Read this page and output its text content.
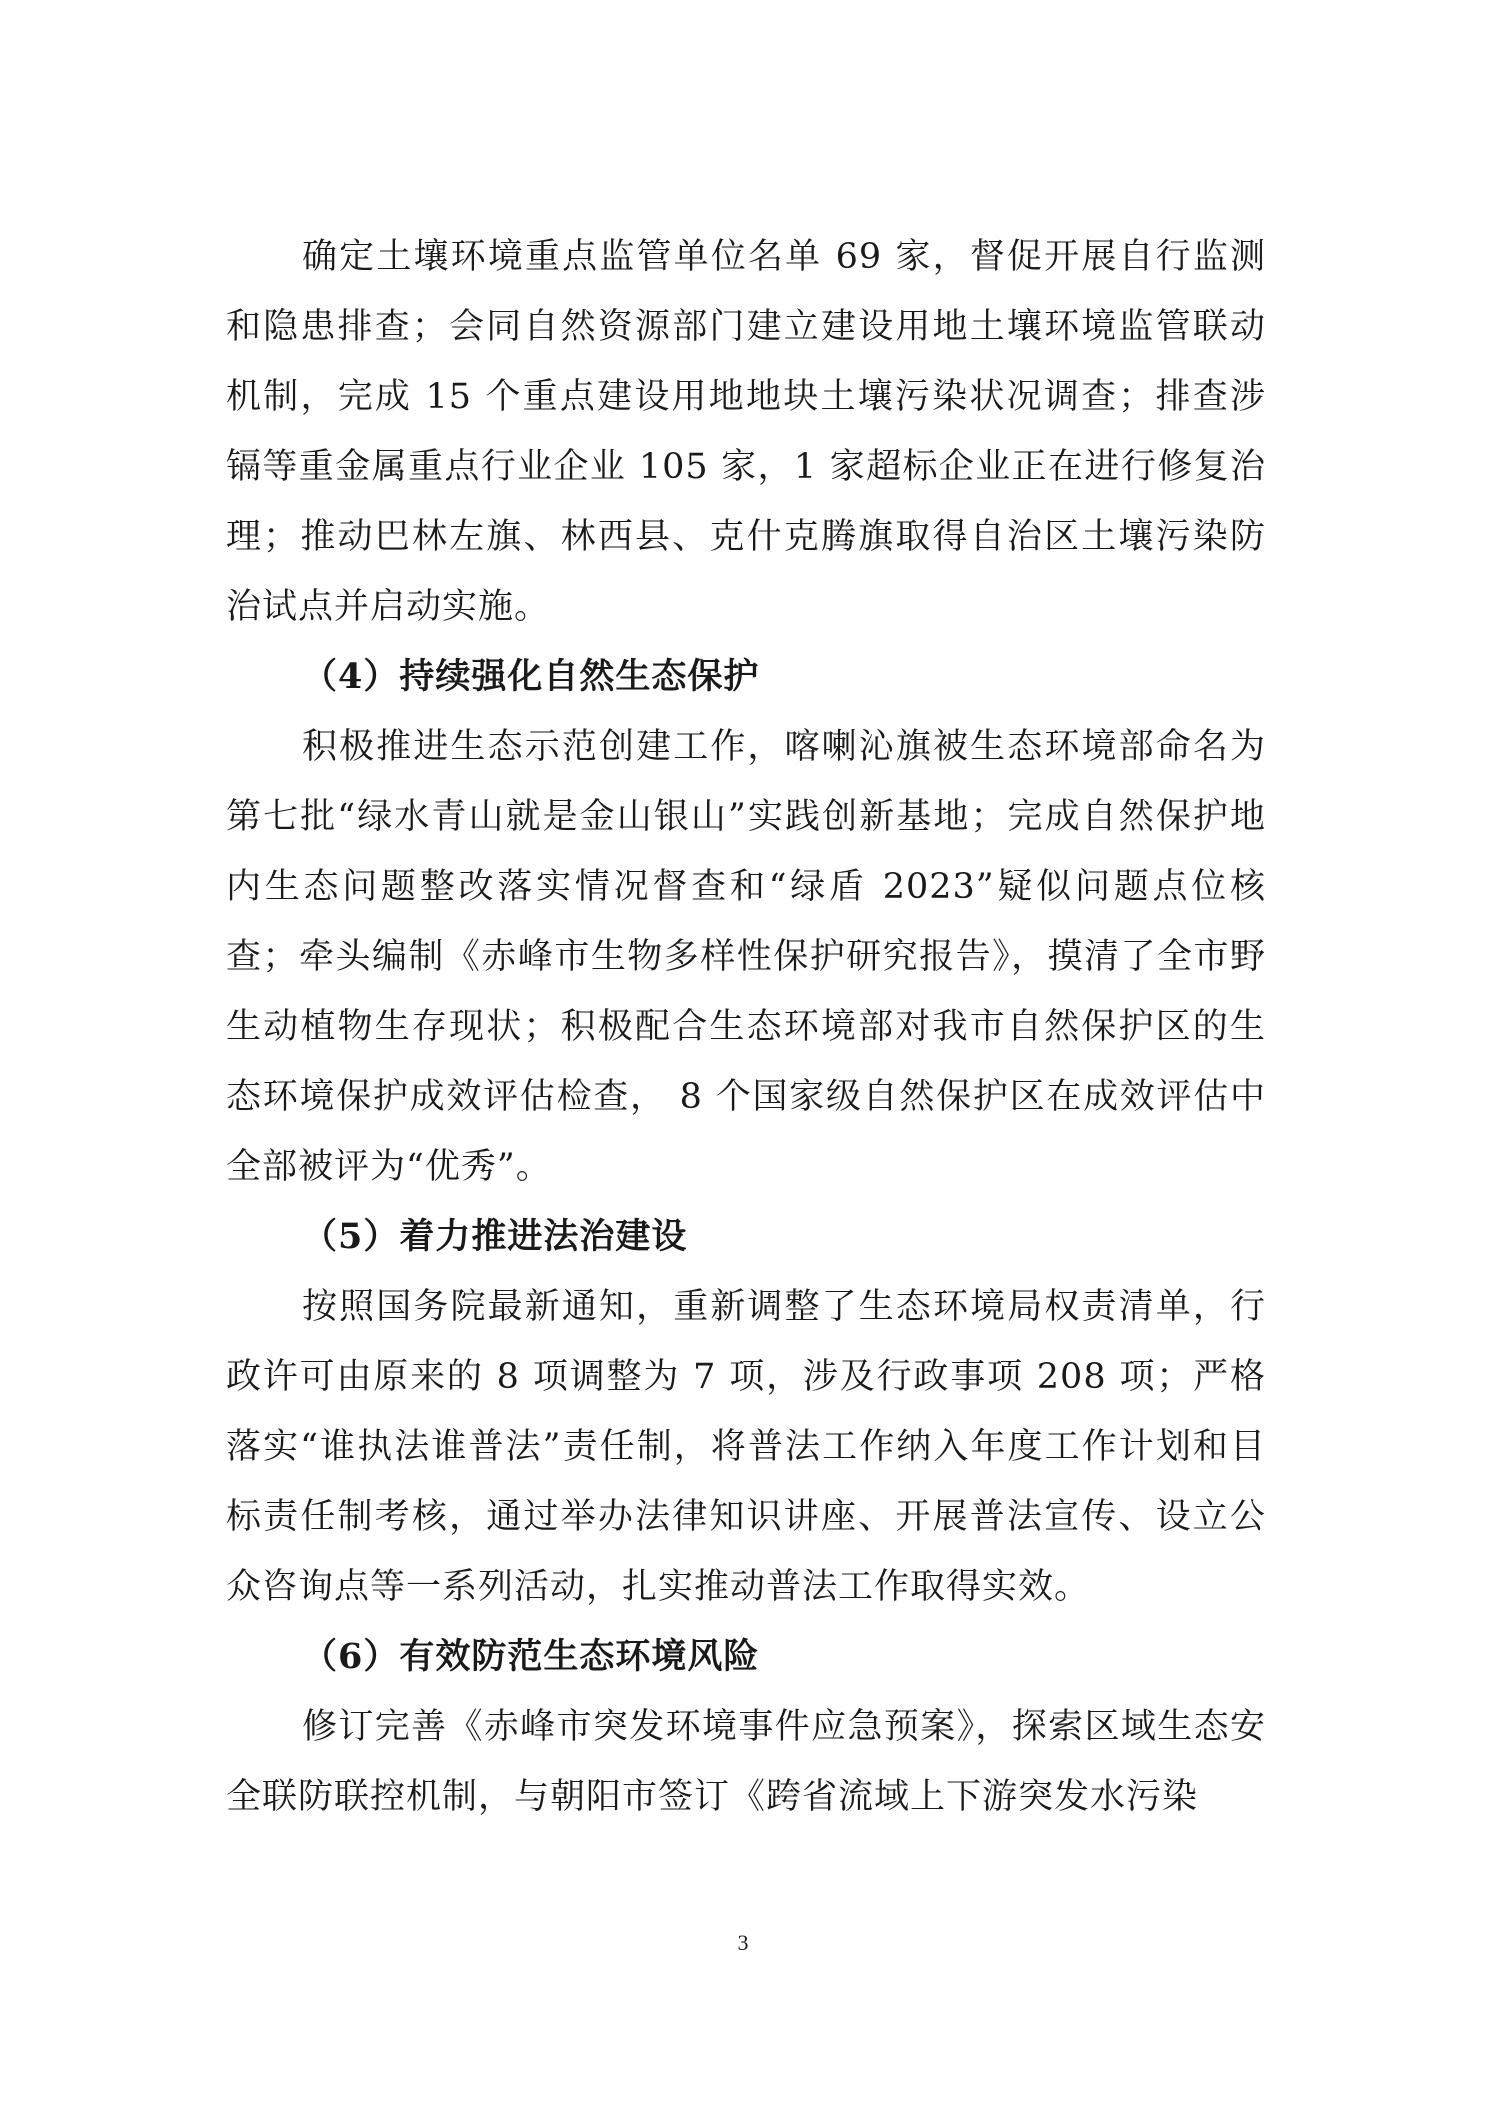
确定土壤环境重点监管单位名单 69 家，督促开展自行监测和隐患排查；会同自然资源部门建立建设用地土壤环境监管联动机制，完成 15 个重点建设用地地块土壤污染状况调查；排查涉镉等重金属重点行业企业 105 家，1 家超标企业正在进行修复治理；推动巴林左旗、林西县、克什克腾旗取得自治区土壤污染防治试点并启动实施。

（4）持续强化自然生态保护

积极推进生态示范创建工作，喀喇沁旗被生态环境部命名为第七批“绿水青山就是金山银山”实践创新基地；完成自然保护地内生态问题整改落实情况督查和“绿盾 2023”疑似问题点位核查；牵头编制《赤峰市生物多样性保护研究报告》，摸清了全市野生动植物生存现状；积极配合生态环境部对我市自然保护区的生态环境保护成效评估检查， 8 个国家级自然保护区在成效评估中全部被评为“优秀”。

（5）着力推进法治建设

按照国务院最新通知，重新调整了生态环境局权责清单，行政许可由原来的 8 项调整为 7 项，涉及行政事项 208 项；严格落实“谁执法谁普法”责任制，将普法工作纳入年度工作计划和目标责任制考核，通过举办法律知识讲座、开展普法宣传、设立公众咨询点等一系列活动，扎实推动普法工作取得实效。

（6）有效防范生态环境风险

修订完善《赤峰市突发环境事件应急预案》，探索区域生态安全联防联控机制，与朝阳市签订《跨省流域上下游突发水污染

3
